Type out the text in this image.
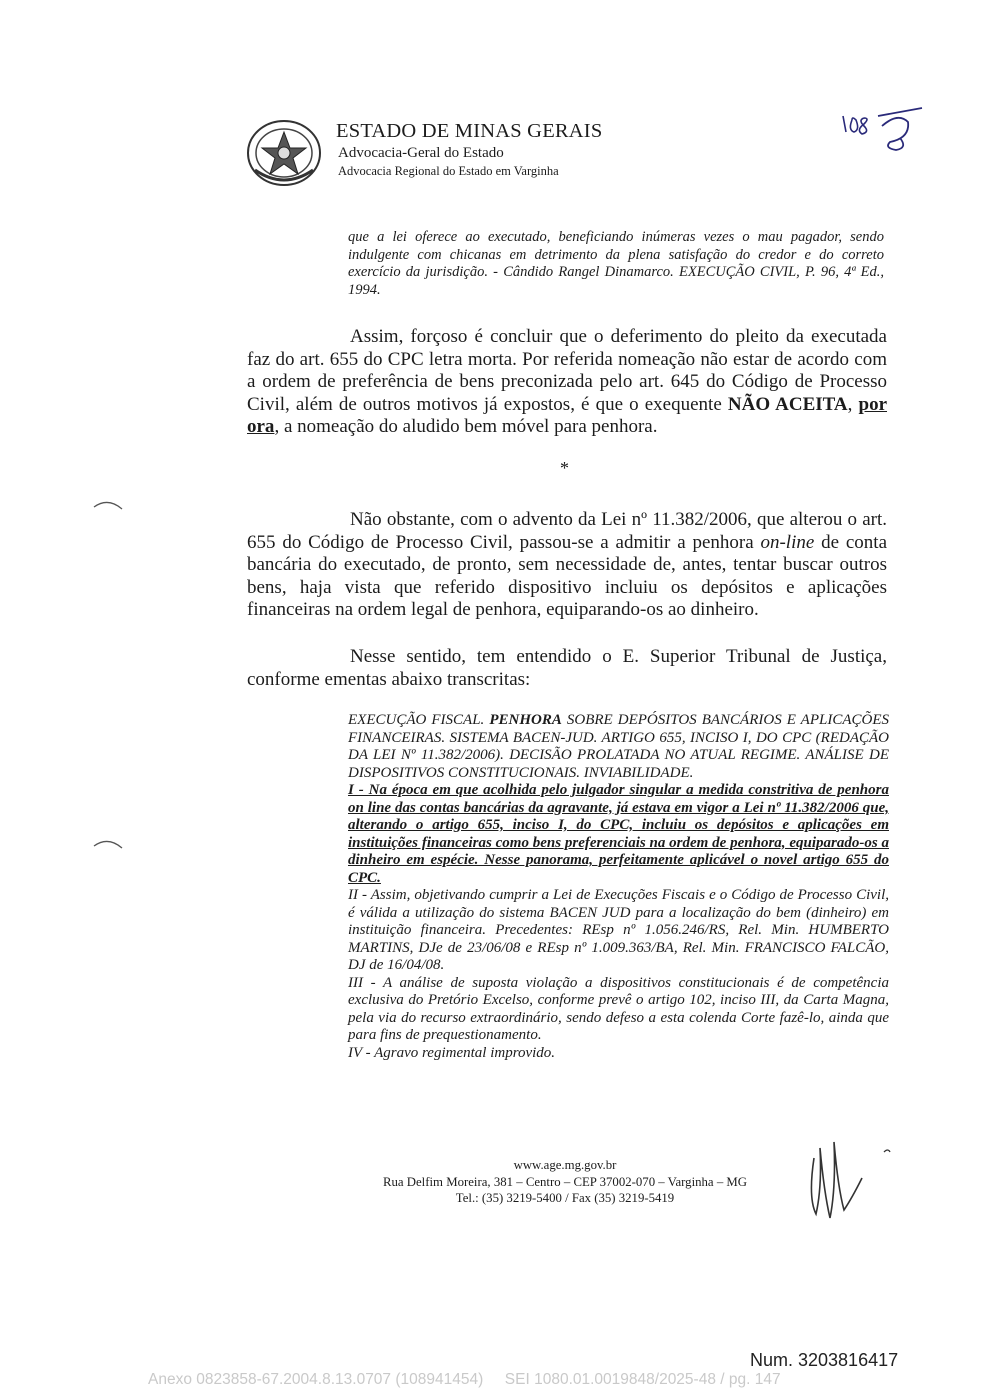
ESTADO DE MINAS GERAIS
Advocacia-Geral do Estado
Advocacia Regional do Estado em Varginha
que a lei oferece ao executado, beneficiando inúmeras vezes o mau pagador, sendo indulgente com chicanas em detrimento da plena satisfação do credor e do correto exercício da jurisdição. - Cândido Rangel Dinamarco. EXECUÇÃO CIVIL, P. 96, 4ª Ed., 1994.
Assim, forçoso é concluir que o deferimento do pleito da executada faz do art. 655 do CPC letra morta. Por referida nomeação não estar de acordo com a ordem de preferência de bens preconizada pelo art. 645 do Código de Processo Civil, além de outros motivos já expostos, é que o exequente NÃO ACEITA, por ora, a nomeação do aludido bem móvel para penhora.
*
Não obstante, com o advento da Lei nº 11.382/2006, que alterou o art. 655 do Código de Processo Civil, passou-se a admitir a penhora on-line de conta bancária do executado, de pronto, sem necessidade de, antes, tentar buscar outros bens, haja vista que referido dispositivo incluiu os depósitos e aplicações financeiras na ordem legal de penhora, equiparando-os ao dinheiro.
Nesse sentido, tem entendido o E. Superior Tribunal de Justiça, conforme ementas abaixo transcritas:

EXECUÇÃO FISCAL. PENHORA SOBRE DEPÓSITOS BANCÁRIOS E APLICAÇÕES FINANCEIRAS. SISTEMA BACEN-JUD. ARTIGO 655, INCISO I, DO CPC (REDAÇÃO DA LEI Nº 11.382/2006). DECISÃO PROLATADA NO ATUAL REGIME. ANÁLISE DE DISPOSITIVOS CONSTITUCIONAIS. INVIABILIDADE.

I - Na época em que acolhida pelo julgador singular a medida constritiva de penhora on line das contas bancárias da agravante, já estava em vigor a Lei nº 11.382/2006 que, alterando o artigo 655, inciso I, do CPC, incluiu os depósitos e aplicações em instituições financeiras como bens preferenciais na ordem de penhora, equiparado-os a dinheiro em espécie. Nesse panorama, perfeitamente aplicável o novel artigo 655 do CPC.

II - Assim, objetivando cumprir a Lei de Execuções Fiscais e o Código de Processo Civil, é válida a utilização do sistema BACEN JUD para a localização do bem (dinheiro) em instituição financeira. Precedentes: REsp nº 1.056.246/RS, Rel. Min. HUMBERTO MARTINS, DJe de 23/06/08 e REsp nº 1.009.363/BA, Rel. Min. FRANCISCO FALCÃO, DJ de 16/04/08.

III - A análise de suposta violação a dispositivos constitucionais é de competência exclusiva do Pretório Excelso, conforme prevê o artigo 102, inciso III, da Carta Magna, pela via do recurso extraordinário, sendo defeso a esta colenda Corte fazê-lo, ainda que para fins de prequestionamento.

IV - Agravo regimental improvido.

www.age.mg.gov.br
Rua Delfim Moreira, 381 – Centro – CEP 37002-070 – Varginha – MG
Tel.: (35) 3219-5400 / Fax (35) 3219-5419
Num. 3203816417
Anexo 0823858-67.2004.8.13.0707 (108941454)     SEI 1080.01.0019848/2025-48 / pg. 147
